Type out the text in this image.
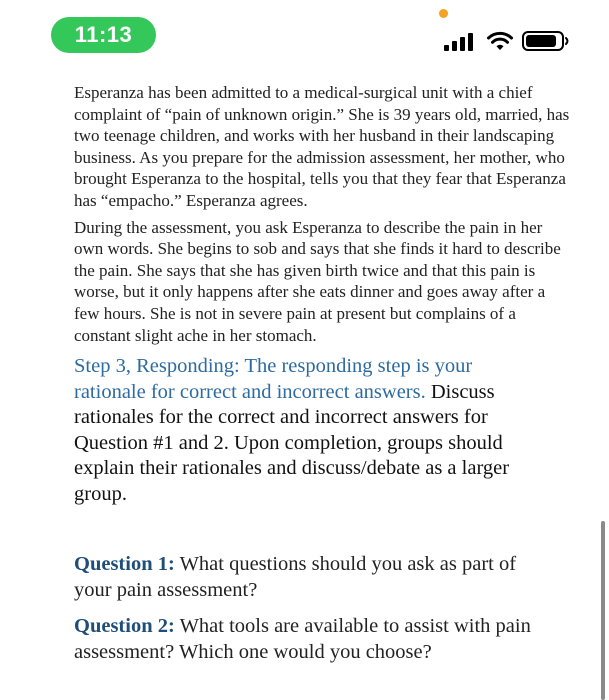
11:13

Esperanza has been admitted to a medical-surgical unit with a chief complaint of “pain of unknown origin.” She is 39 years old, married, has two teenage children, and works with her husband in their landscaping business. As you prepare for the admission assessment, her mother, who brought Esperanza to the hospital, tells you that they fear that Esperanza has “empacho.” Esperanza agrees.

During the assessment, you ask Esperanza to describe the pain in her own words. She begins to sob and says that she finds it hard to describe the pain. She says that she has given birth twice and that this pain is worse, but it only happens after she eats dinner and goes away after a few hours. She is not in severe pain at present but complains of a constant slight ache in her stomach.

Step 3, Responding: The responding step is your rationale for correct and incorrect answers. Discuss rationales for the correct and incorrect answers for Question #1 and 2. Upon completion, groups should explain their rationales and discuss/debate as a larger group.
Question 1: What questions should you ask as part of your pain assessment?
Question 2: What tools are available to assist with pain assessment? Which one would you choose?
